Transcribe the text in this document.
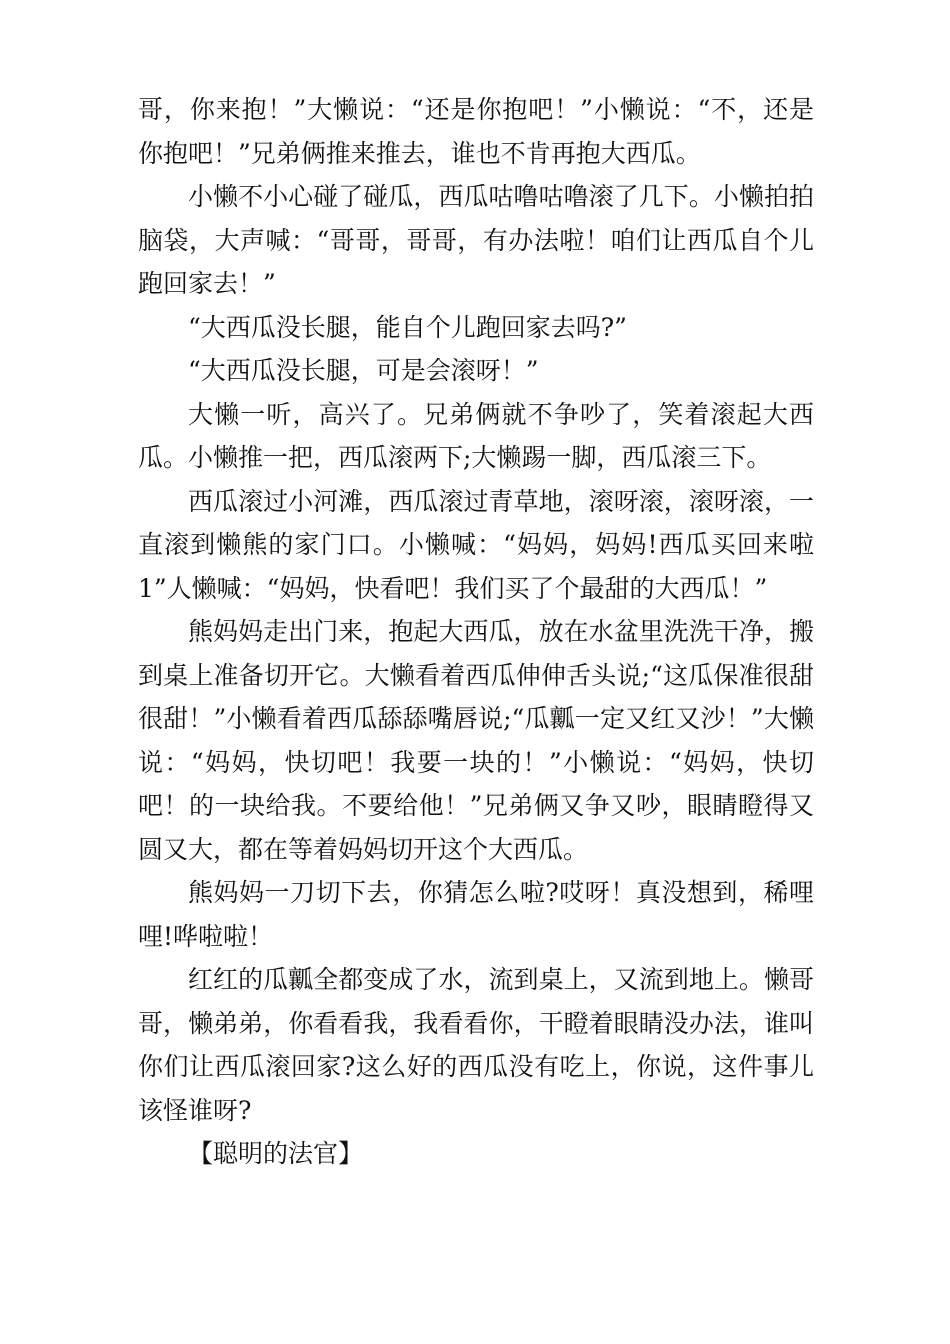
哥，你来抱！”大懒说：“还是你抱吧！”小懒说：“不，还是你抱吧！”兄弟俩推来推去，谁也不肯再抱大西瓜。

小懒不小心碰了碰瓜，西瓜咕噜咕噜滚了几下。小懒拍拍脑袋，大声喊：“哥哥，哥哥，有办法啦！咱们让西瓜自个儿跑回家去！”

“大西瓜没长腿，能自个儿跑回家去吗?”

“大西瓜没长腿，可是会滚呀！”

大懒一听，高兴了。兄弟俩就不争吵了，笑着滚起大西瓜。小懒推一把，西瓜滚两下;大懒踢一脚，西瓜滚三下。

西瓜滚过小河滩，西瓜滚过青草地，滚呀滚，滚呀滚，一直滚到懒熊的家门口。小懒喊：“妈妈，妈妈!西瓜买回来啦1”人懒喊：“妈妈，快看吧！我们买了个最甜的大西瓜！”

熊妈妈走出门来，抱起大西瓜，放在水盆里洗洗干净，搬到桌上准备切开它。大懒看着西瓜伸伸舌头说;“这瓜保准很甜很甜！”小懒看着西瓜舔舔嘴唇说;“瓜瓤一定又红又沙！”大懒说：“妈妈，快切吧！我要一块的！”小懒说：“妈妈，快切吧！的一块给我。不要给他！”兄弟俩又争又吵，眼睛瞪得又圆又大，都在等着妈妈切开这个大西瓜。

熊妈妈一刀切下去，你猜怎么啦?哎呀！真没想到，稀哩哩!哗啦啦！

红红的瓜瓤全都变成了水，流到桌上，又流到地上。懒哥哥，懒弟弟，你看看我，我看看你，干瞪着眼睛没办法，谁叫你们让西瓜滚回家?这么好的西瓜没有吃上，你说，这件事儿该怪谁呀?

【聪明的法官】
